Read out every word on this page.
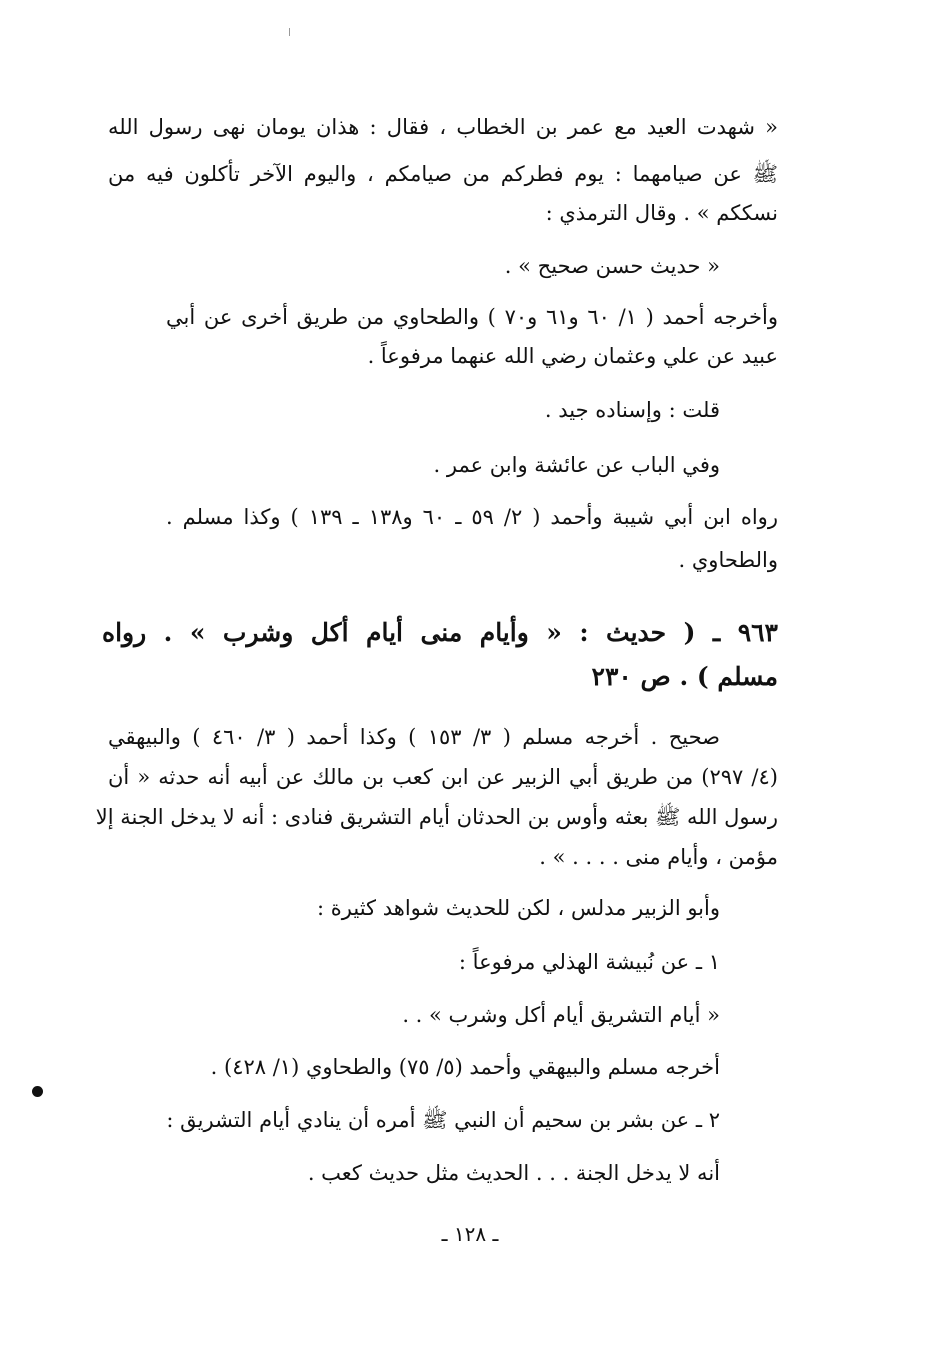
« شهدت العيد مع عمر بن الخطاب ، فقال : هذان يومان نهى رسول الله
ﷺ عن صيامهما : يوم فطركم من صيامكم ، واليوم الآخر تأكلون فيه من
نسككم » . وقال الترمذي :
« حديث حسن صحيح » .
وأخرجه أحمد ( ١/ ٦٠ و٦١ و٧٠ ) والطحاوي من طريق أخرى عن أبي
عبيد عن علي وعثمان رضي الله عنهما مرفوعاً .
قلت : وإسناده جيد .
وفي الباب عن عائشة وابن عمر .
رواه ابن أبي شيبة وأحمد ( ٢/ ٥٩ ـ ٦٠ و١٣٨ ـ ١٣٩ ) وكذا مسلم .
والطحاوي .
٩٦٣ ـ ( حديث : « وأيام منى أيام أكل وشرب » . رواه
مسلم ) . ص ٢٣٠
صحيح . أخرجه مسلم ( ٣/ ١٥٣ ) وكذا أحمد ( ٣/ ٤٦٠ ) والبيهقي
(٤/ ٢٩٧) من طريق أبي الزبير عن ابن كعب بن مالك عن أبيه أنه حدثه « أن
رسول الله ﷺ بعثه وأوس بن الحدثان أيام التشريق فنادى : أنه لا يدخل الجنة إلا
مؤمن ، وأيام منى . . . . » .
وأبو الزبير مدلس ، لكن للحديث شواهد كثيرة :
١ ـ عن نُبيشة الهذلي مرفوعاً :
« أيام التشريق أيام أكل وشرب » . .
أخرجه مسلم والبيهقي وأحمد (٥/ ٧٥) والطحاوي (١/ ٤٢٨) .
٢ ـ عن بشر بن سحيم أن النبي ﷺ أمره أن ينادي أيام التشريق :
أنه لا يدخل الجنة . . . الحديث مثل حديث كعب .
ـ ١٢٨ ـ
